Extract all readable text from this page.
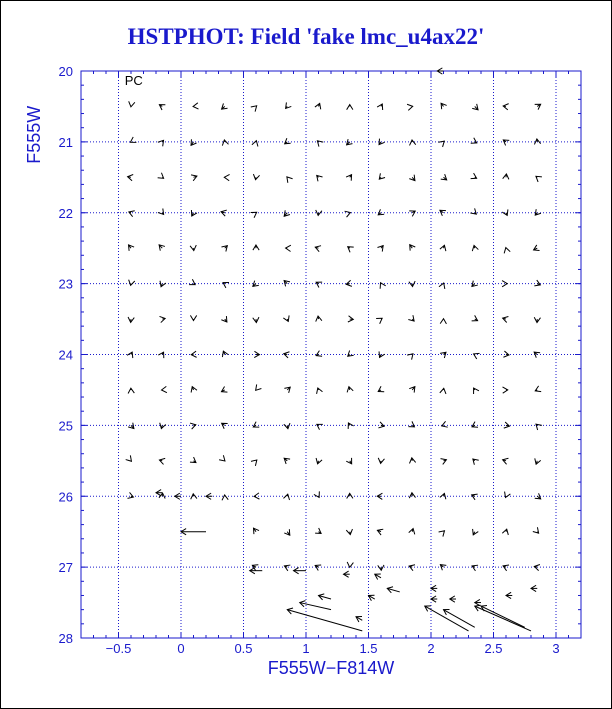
HSTPHOT: Field 'fake lmc_u4ax22'
−0.5	0	0.5	1	1.5	2	2.5	3
20
21
22
23
24
25
26
27
28
PC
F555W−F814W
F555W
